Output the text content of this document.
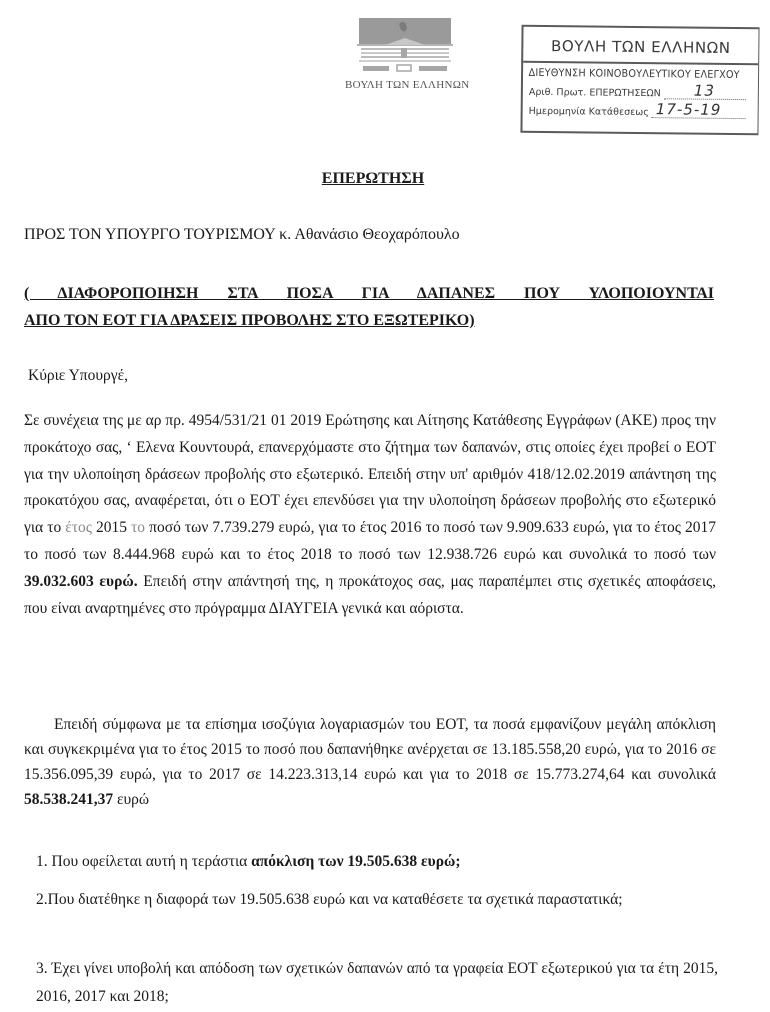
ΒΟΥΛΗ ΤΩΝ ΕΛΛΗΝΩΝ
ΒΟΥΛΗ ΤΩΝ ΕΛΛΗΝΩΝ
ΔΙΕΥΘΥΝΣΗ ΚΟΙΝΟΒΟΥΛΕΥΤΙΚΟΥ ΕΛΕΓΧΟΥ
Αριθ. Πρωτ. ΕΠΕΡΩΤΗΣΕΩΝ 13
Ημερομηνία Κατάθεσεως 17-5-19
ΕΠΕΡΩΤΗΣΗ
ΠΡΟΣ ΤΟΝ ΥΠΟΥΡΓΟ ΤΟΥΡΙΣΜΟΥ κ. Αθανάσιο Θεοχαρόπουλο
( ΔΙΑΦΟΡΟΠΟΙΗΣΗ ΣΤΑ ΠΟΣΑ ΓΙΑ ΔΑΠΑΝΕΣ ΠΟΥ ΥΛΟΠΟΙΟΥΝΤΑΙ
ΑΠΟ ΤΟΝ ΕΟΤ ΓΙΑ ΔΡΑΣΕΙΣ ΠΡΟΒΟΛΗΣ ΣΤΟ ΕΞΩΤΕΡΙΚΟ)
Κύριε Υπουργέ,
Σε συνέχεια της με αρ πρ. 4954/531/21 01 2019 Ερώτησης και Αίτησης Κατάθεσης Εγγράφων (ΑΚΕ) προς την προκάτοχο σας, ‘ Ελενα Κουντουρά, επανερχόμαστε στο ζήτημα των δαπανών, στις οποίες έχει προβεί ο ΕΟΤ για την υλοποίηση δράσεων προβολής στο εξωτερικό. Επειδή στην υπ' αριθμόν 418/12.02.2019 απάντηση της προκατόχου σας, αναφέρεται, ότι ο ΕΟΤ έχει επενδύσει για την υλοποίηση δράσεων προβολής στο εξωτερικό για το έτος 2015 το ποσό των 7.739.279 ευρώ, για το έτος 2016 το ποσό των 9.909.633 ευρώ, για το έτος 2017 το ποσό των 8.444.968 ευρώ και το έτος 2018 το ποσό των 12.938.726 ευρώ και συνολικά το ποσό των 39.032.603 ευρώ. Επειδή στην απάντησή της, η προκάτοχος σας, μας παραπέμπει στις σχετικές αποφάσεις, που είναι αναρτημένες στο πρόγραμμα ΔΙΑΥΓΕΙΑ γενικά και αόριστα.
Επειδή σύμφωνα με τα επίσημα ισοζύγια λογαριασμών του ΕΟΤ, τα ποσά εμφανίζουν μεγάλη απόκλιση και συγκεκριμένα για το έτος 2015 το ποσό που δαπανήθηκε ανέρχεται σε 13.185.558,20 ευρώ, για το 2016 σε 15.356.095,39 ευρώ, για το 2017 σε 14.223.313,14 ευρώ και για το 2018 σε 15.773.274,64 και συνολικά 58.538.241,37 ευρώ
1. Που οφείλεται αυτή η τεράστια απόκλιση των 19.505.638 ευρώ;
2.Που διατέθηκε η διαφορά των 19.505.638 ευρώ και να καταθέσετε τα σχετικά παραστατικά;
3. Έχει γίνει υποβολή και απόδοση των σχετικών δαπανών από τα γραφεία ΕΟΤ εξωτερικού για τα έτη 2015, 2016, 2017 και 2018;
